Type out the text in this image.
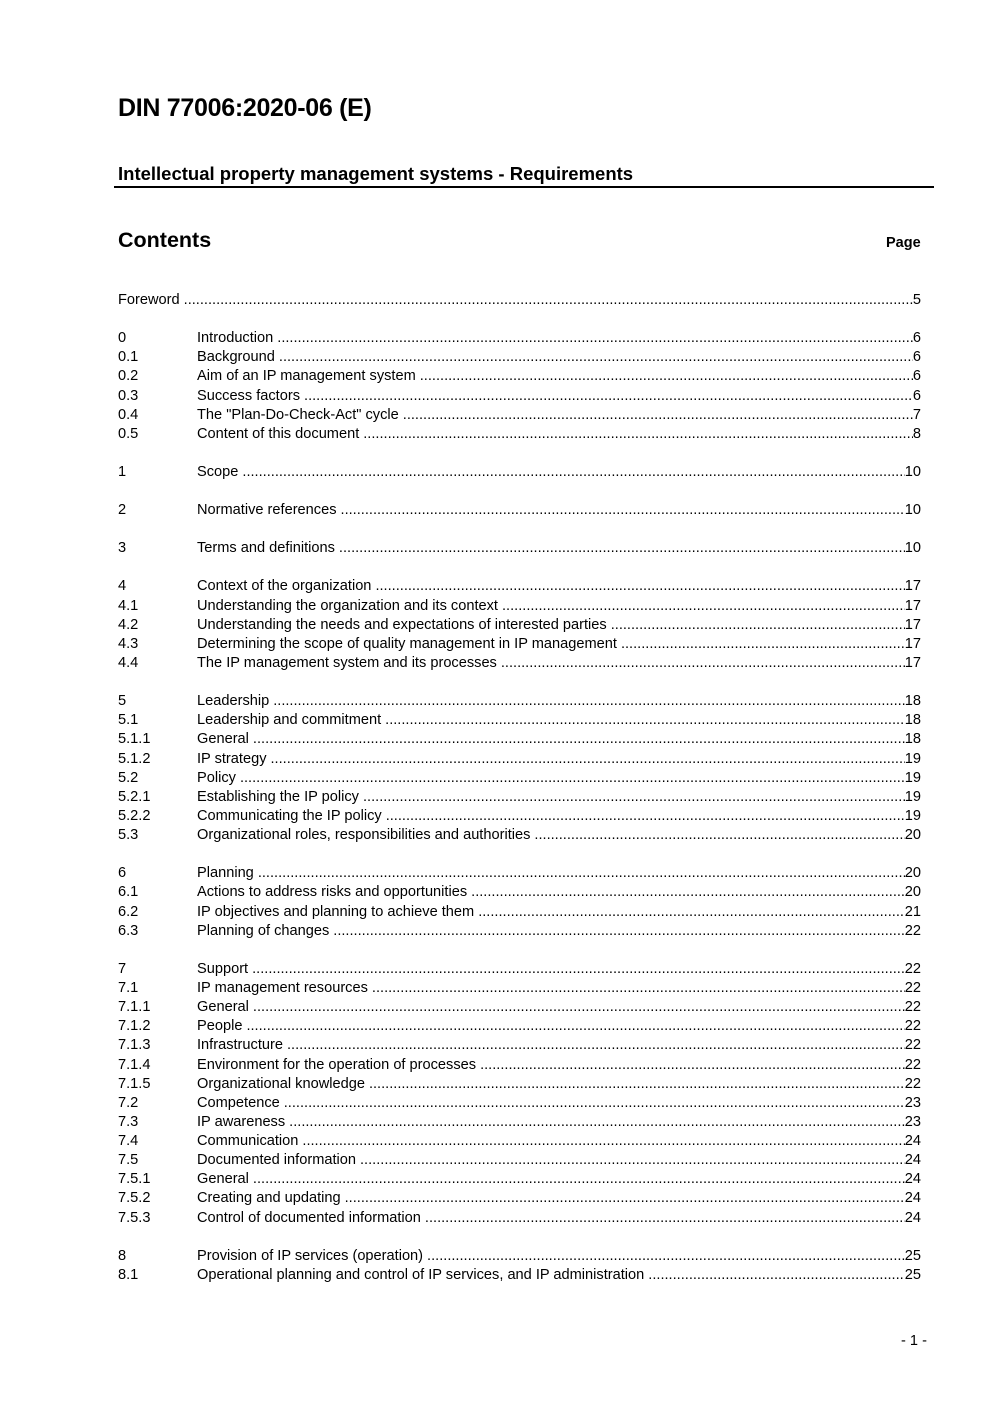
DIN 77006:2020-06 (E)
Intellectual property management systems - Requirements
Contents	Page
Foreword .....	5
0	Introduction .....	6
0.1	Background .....	6
0.2	Aim of an IP management system .....	6
0.3	Success factors .....	6
0.4	The "Plan-Do-Check-Act" cycle .....	7
0.5	Content of this document .....	8
1	Scope .....	10
2	Normative references .....	10
3	Terms and definitions .....	10
4	Context of the organization .....	17
4.1	Understanding the organization and its context .....	17
4.2	Understanding the needs and expectations of interested parties .....	17
4.3	Determining the scope of quality management in IP management .....	17
4.4	The IP management system and its processes .....	17
5	Leadership .....	18
5.1	Leadership and commitment .....	18
5.1.1	General .....	18
5.1.2	IP strategy .....	19
5.2	Policy .....	19
5.2.1	Establishing the IP policy .....	19
5.2.2	Communicating the IP policy .....	19
5.3	Organizational roles, responsibilities and authorities .....	20
6	Planning .....	20
6.1	Actions to address risks and opportunities .....	20
6.2	IP objectives and planning to achieve them .....	21
6.3	Planning of changes .....	22
7	Support .....	22
7.1	IP management resources .....	22
7.1.1	General .....	22
7.1.2	People .....	22
7.1.3	Infrastructure .....	22
7.1.4	Environment for the operation of processes .....	22
7.1.5	Organizational knowledge .....	22
7.2	Competence .....	23
7.3	IP awareness .....	23
7.4	Communication .....	24
7.5	Documented information .....	24
7.5.1	General .....	24
7.5.2	Creating and updating .....	24
7.5.3	Control of documented information .....	24
8	Provision of IP services (operation) .....	25
8.1	Operational planning and control of IP services, and IP administration .....	25
- 1 -
